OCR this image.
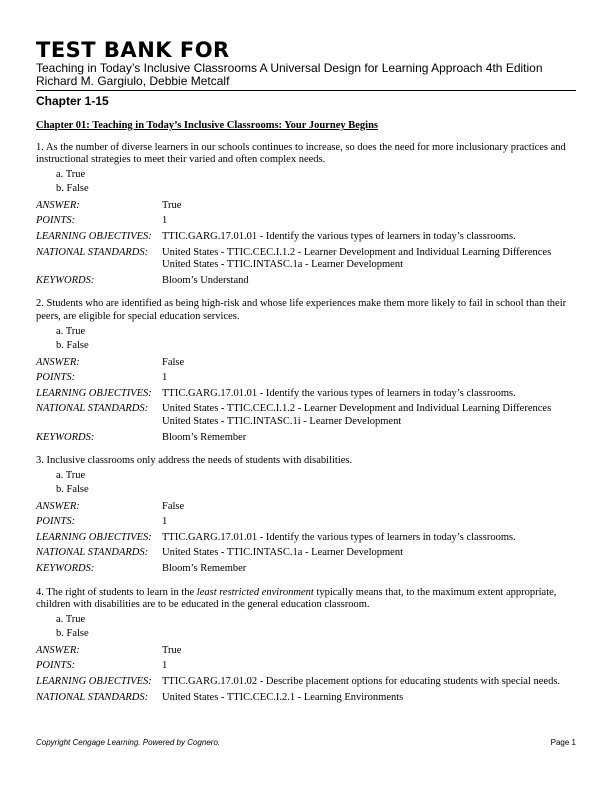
TEST BANK FOR
Teaching in Today’s Inclusive Classrooms A Universal Design for Learning Approach 4th Edition
Richard M. Gargiulo, Debbie Metcalf
Chapter 1-15
Chapter 01: Teaching in Today’s Inclusive Classrooms: Your Journey Begins
1. As the number of diverse learners in our schools continues to increase, so does the need for more inclusionary practices and instructional strategies to meet their varied and often complex needs.
a. True
b. False
ANSWER:	True
POINTS:	1
LEARNING OBJECTIVES: TTIC.GARG.17.01.01 - Identify the various types of learners in today’s classrooms.
NATIONAL STANDARDS:	United States - TTIC.CEC.I.1.2 - Learner Development and Individual Learning Differences
United States - TTIC.INTASC.1a - Learner Development
KEYWORDS:	Bloom’s Understand
2. Students who are identified as being high-risk and whose life experiences make them more likely to fail in school than their peers, are eligible for special education services.
a. True
b. False
ANSWER:	False
POINTS:	1
LEARNING OBJECTIVES: TTIC.GARG.17.01.01 - Identify the various types of learners in today’s classrooms.
NATIONAL STANDARDS:	United States - TTIC.CEC.I.1.2 - Learner Development and Individual Learning Differences
United States - TTIC.INTASC.1i - Learner Development
KEYWORDS:	Bloom’s Remember
3. Inclusive classrooms only address the needs of students with disabilities.
a. True
b. False
ANSWER:	False
POINTS:	1
LEARNING OBJECTIVES: TTIC.GARG.17.01.01 - Identify the various types of learners in today’s classrooms.
NATIONAL STANDARDS:	United States - TTIC.INTASC.1a - Learner Development
KEYWORDS:	Bloom’s Remember
4. The right of students to learn in the least restricted environment typically means that, to the maximum extent appropriate, children with disabilities are to be educated in the general education classroom.
a. True
b. False
ANSWER:	True
POINTS:	1
LEARNING OBJECTIVES: TTIC.GARG.17.01.02 - Describe placement options for educating students with special needs.
NATIONAL STANDARDS:	United States - TTIC.CEC.I.2.1 - Learning Environments
Copyright Cengage Learning. Powered by Cognero.	Page 1
